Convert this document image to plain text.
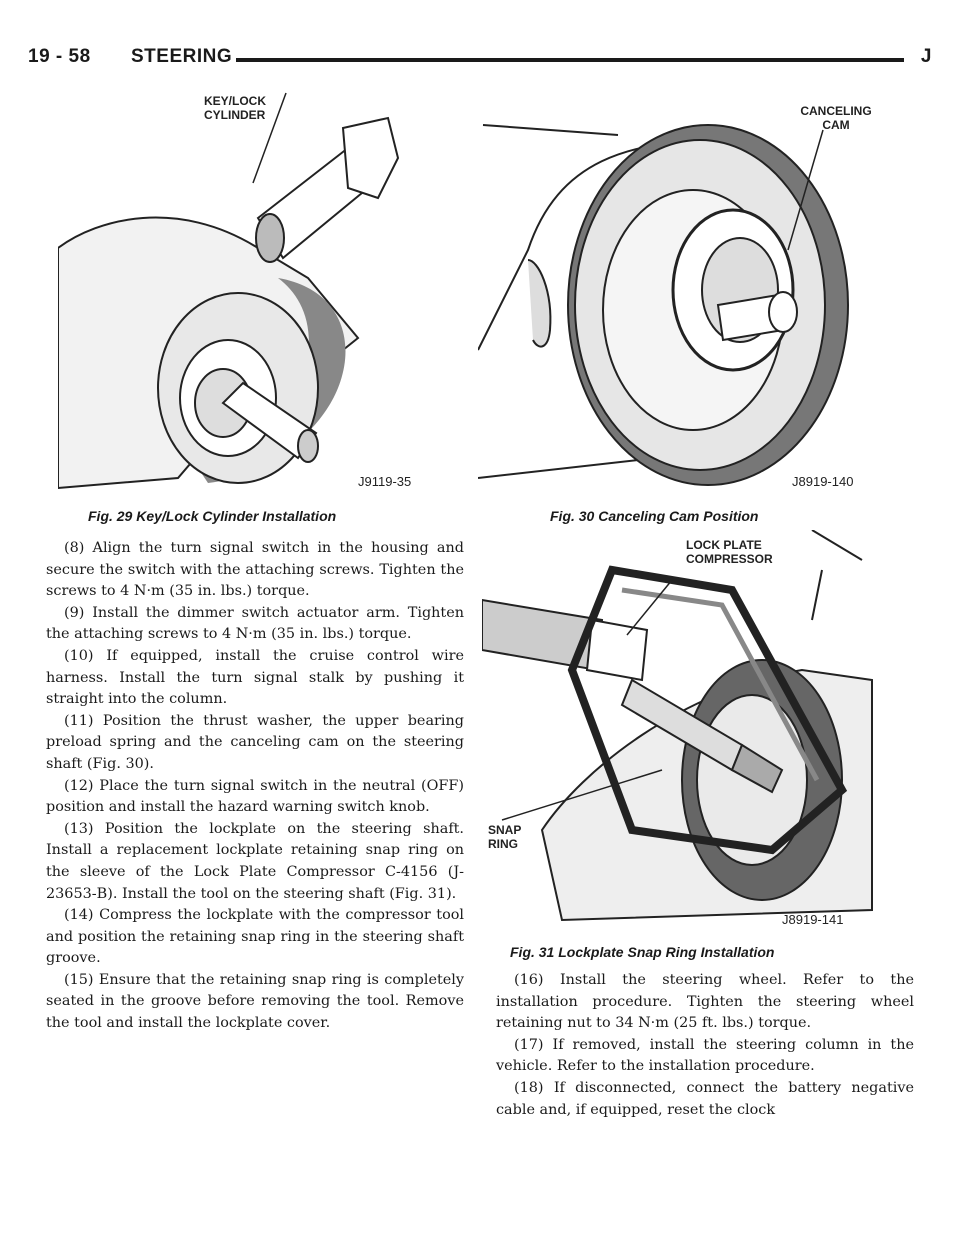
19 - 58 STEERING	J
KEY/LOCK CYLINDER
J9119-35
Fig. 29 Key/Lock Cylinder Installation
CANCELING CAM
J8919-140
Fig. 30 Canceling Cam Position
LOCK PLATE COMPRESSOR
SNAP RING
J8919-141
Fig. 31 Lockplate Snap Ring Installation

(8) Align the turn signal switch in the housing and secure the switch with the attaching screws. Tighten the screws to 4 N·m (35 in. lbs.) torque.

(9) Install the dimmer switch actuator arm. Tighten the attaching screws to 4 N·m (35 in. lbs.) torque.

(10) If equipped, install the cruise control wire harness. Install the turn signal stalk by pushing it straight into the column.

(11) Position the thrust washer, the upper bearing preload spring and the canceling cam on the steering shaft (Fig. 30).

(12) Place the turn signal switch in the neutral (OFF) position and install the hazard warning switch knob.

(13) Position the lockplate on the steering shaft. Install a replacement lockplate retaining snap ring on the sleeve of the Lock Plate Compressor C-4156 (J-23653-B). Install the tool on the steering shaft (Fig. 31).

(14) Compress the lockplate with the compressor tool and position the retaining snap ring in the steering shaft groove.

(15) Ensure that the retaining snap ring is completely seated in the groove before removing the tool. Remove the tool and install the lockplate cover.

(16) Install the steering wheel. Refer to the installation procedure. Tighten the steering wheel retaining nut to 34 N·m (25 ft. lbs.) torque.

(17) If removed, install the steering column in the vehicle. Refer to the installation procedure.

(18) If disconnected, connect the battery negative cable and, if equipped, reset the clock
